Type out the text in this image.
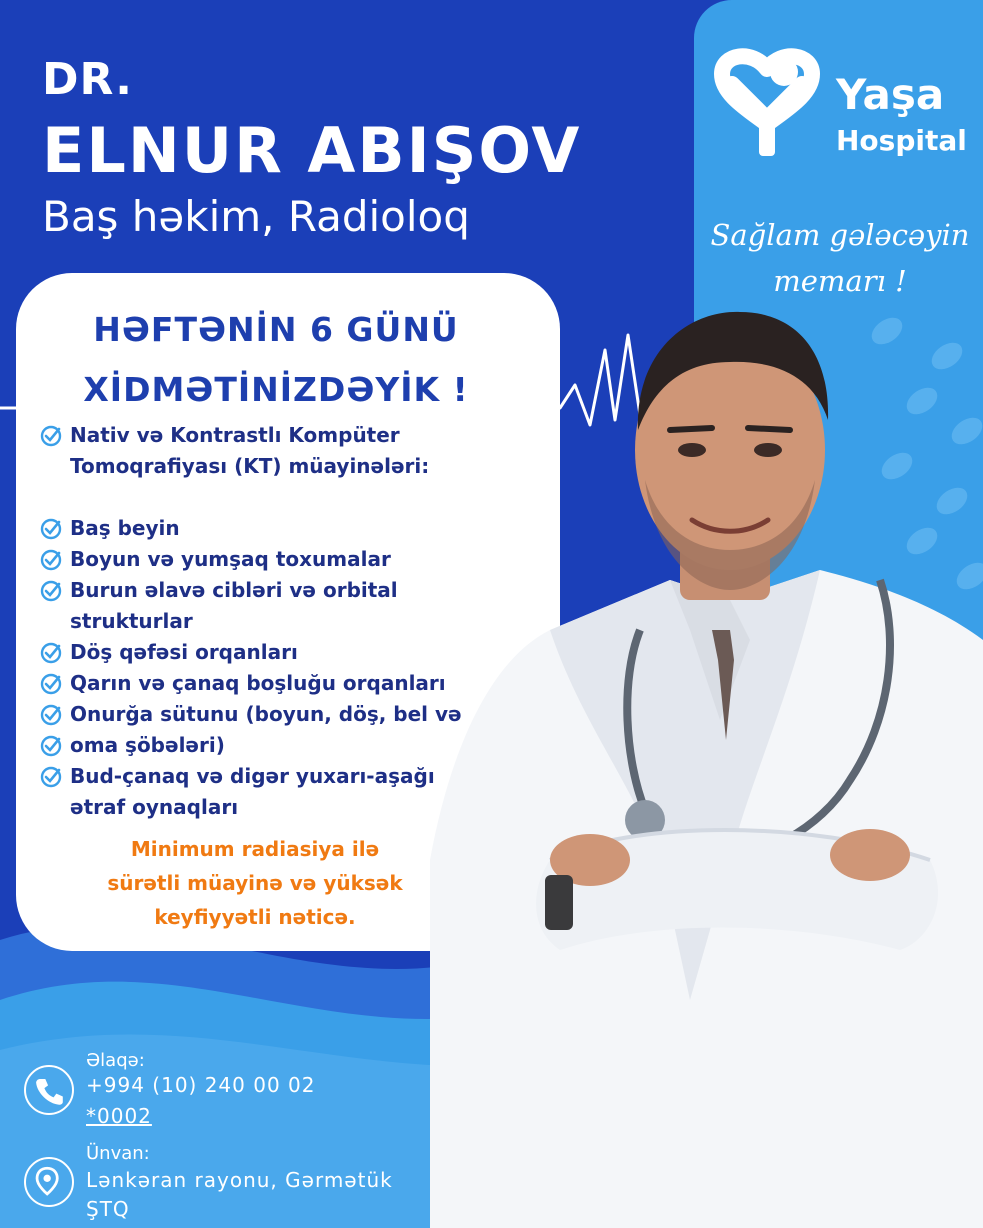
DR.
ELNUR ABIŞOV
Baş həkim, Radioloq
Yaşa
Hospital
Sağlam gələcəyin
memarı !
HƏFTƏNİN 6 GÜNÜ
XİDMƏTİNİZDƏYİK !
Nativ və Kontrastlı Kompüter
Tomoqrafiyası (KT) müayinələri:
Baş beyin
Boyun və yumşaq toxumalar
Burun əlavə cibləri və orbital
strukturlar
Döş qəfəsi orqanları
Qarın və çanaq boşluğu orqanları
Onurğa sütunu (boyun, döş, bel və
oma şöbələri)
Bud-çanaq və digər yuxarı-aşağı
ətraf oynaqları
Minimum radiasiya ilə
sürətli müayinə və yüksək
keyfiyyətli nəticə.
Əlaqə:
+994 (10) 240 00 02
*0002
Ünvan:
Lənkəran rayonu, Gərmətük
ŞTQ
